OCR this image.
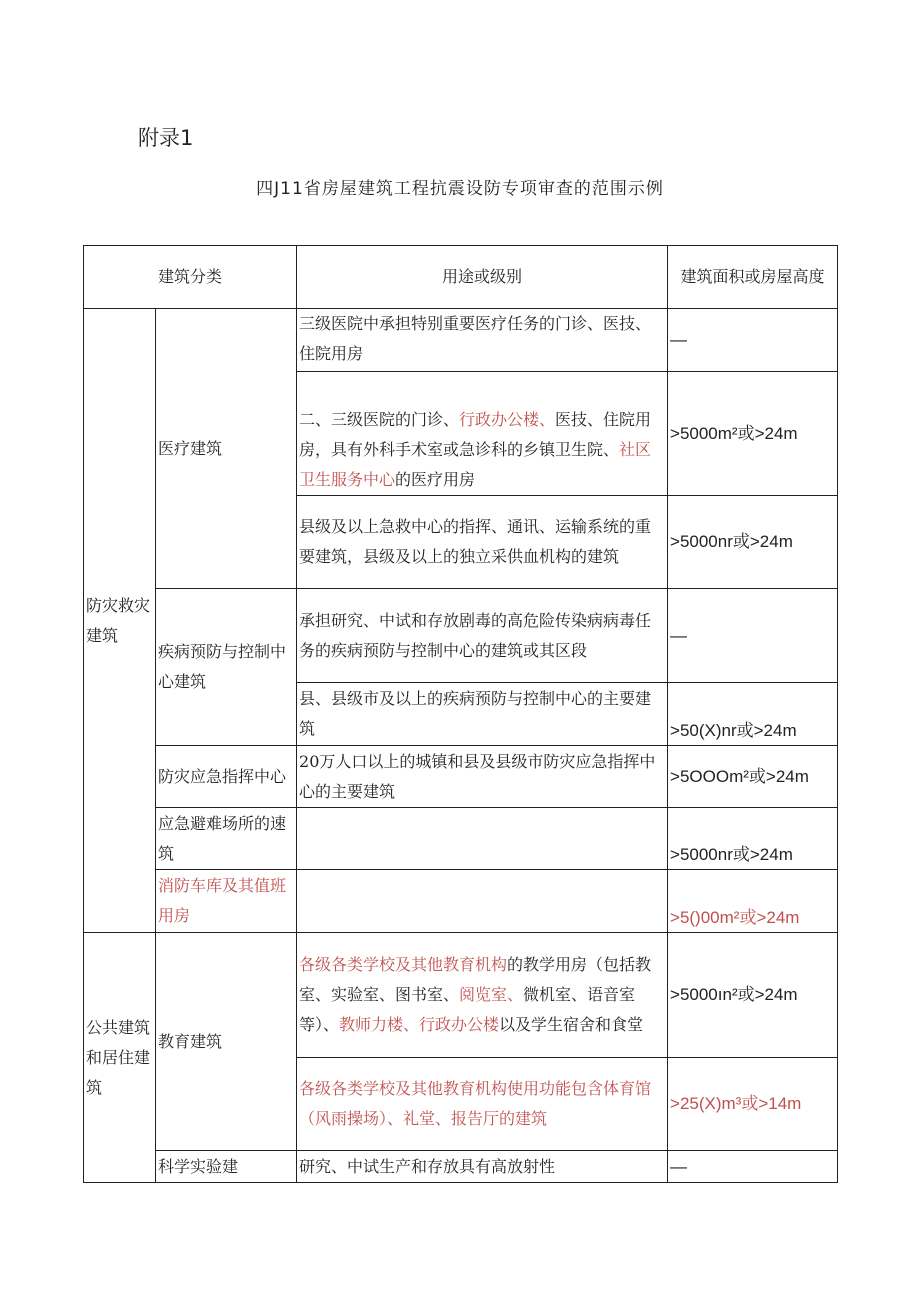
附录1
四J11省房屋建筑工程抗震设防专项审查的范围示例
建筑分类		用途或级别	建筑面积或房屋高度
防灾救灾建筑	医疗建筑	三级医院中承担特别重要医疗任务的门诊、医技、住院用房	—
		二、三级医院的门诊、行政办公楼、医技、住院用房，具有外科手术室或急诊科的乡镇卫生院、社区卫生服务中心的医疗用房	>5000m²或>24m
		县级及以上急救中心的指挥、通讯、运输系统的重要建筑，县级及以上的独立采供血机构的建筑	>5000nr或>24m
	疾病预防与控制中心建筑	承担研究、中试和存放剧毒的高危险传染病病毒任务的疾病预防与控制中心的建筑或其区段	—
		县、县级市及以上的疾病预防与控制中心的主要建筑	>50(X)nr或>24m
	防灾应急指挥中心	20万人口以上的城镇和县及县级市防灾应急指挥中心的主要建筑	>5OOOm²或>24m
	应急避难场所的速筑		>5000nr或>24m
	消防车库及其值班用房		>5()00m²或>24m
公共建筑和居住建筑	教育建筑	各级各类学校及其他教育机构的教学用房（包括教室、实验室、图书室、阅览室、微机室、语音室等）、教师力楼、行政办公楼以及学生宿舍和食堂	>5000ın²或>24m
		各级各类学校及其他教育机构使用功能包含体育馆（风雨操场）、礼堂、报告厅的建筑	>25(X)m³或>14m
	科学实验建	研究、中试生产和存放具有高放射性	—
